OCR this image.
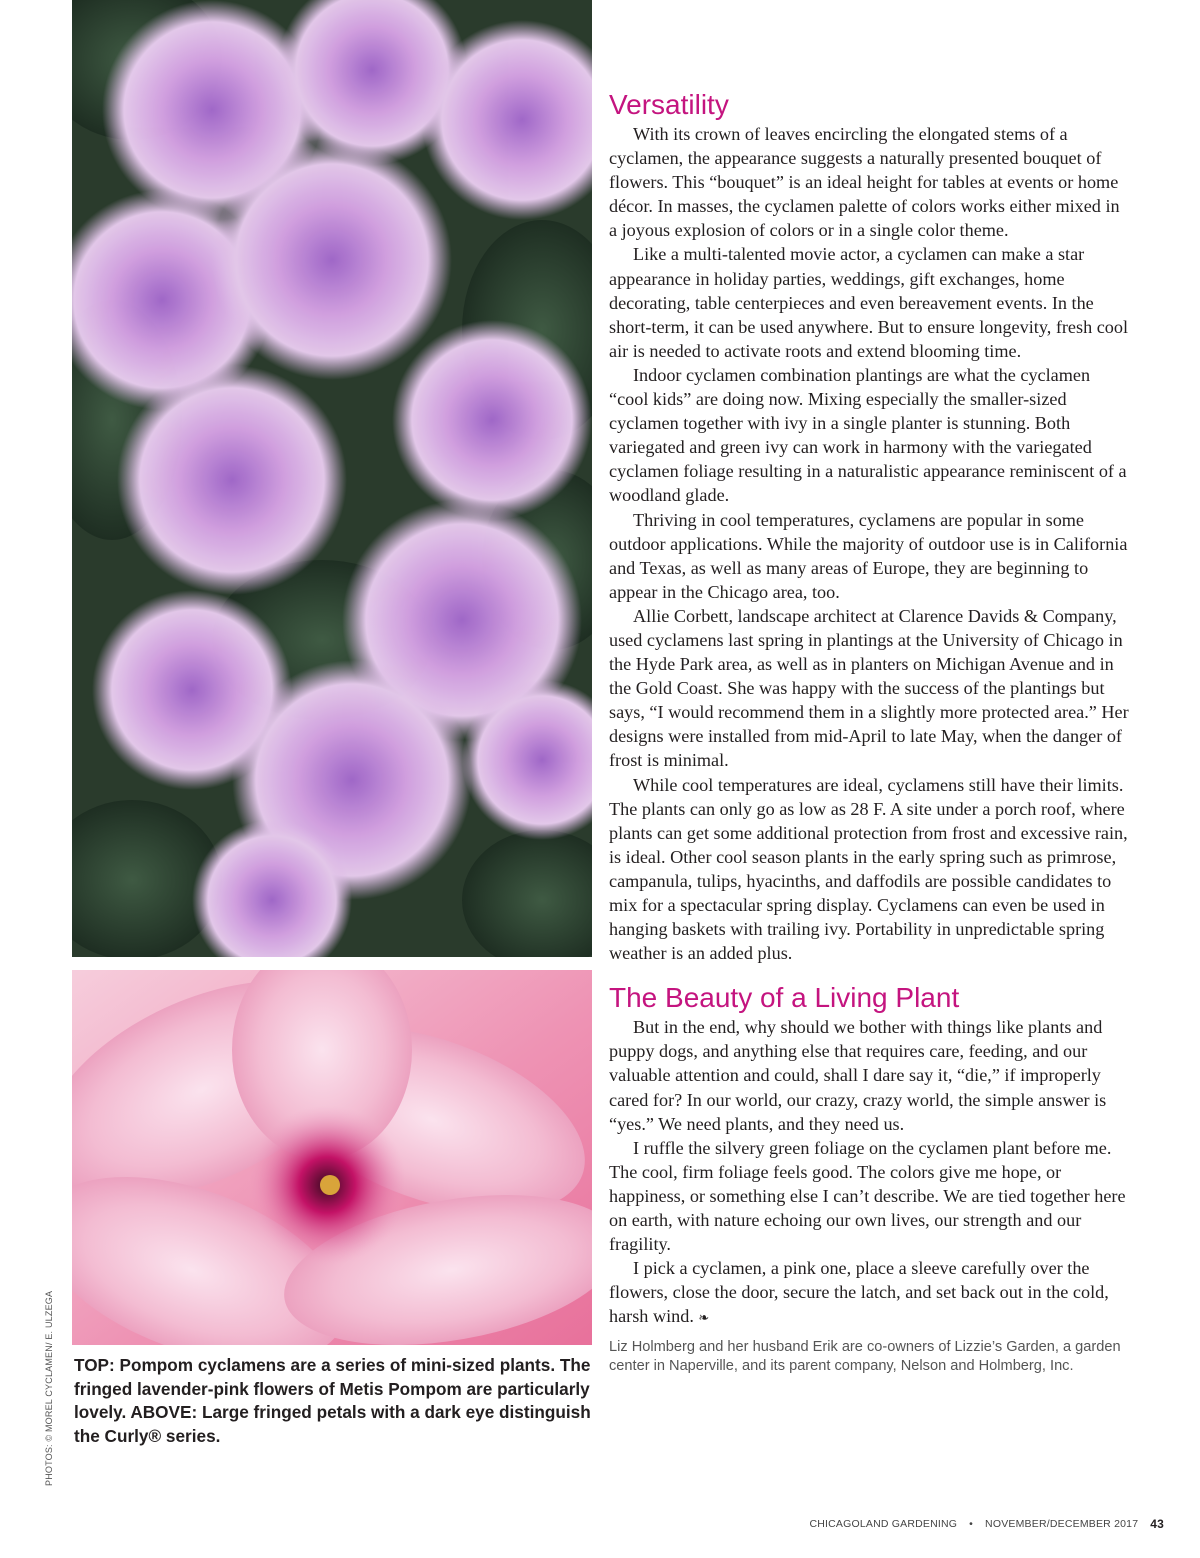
PHOTOS: © MOREL CYCLAMEN/ E. ULZEGA TOP: Pompom cyclamens are a series of mini-sized plants. The fringed lavender-pink flowers of Metis Pompom are particularly lovely. ABOVE: Large fringed petals with a dark eye distinguish the Curly® series.
Versatility

With its crown of leaves encircling the elongated stems of a cyclamen, the appearance suggests a naturally presented bouquet of flowers. This “bouquet” is an ideal height for tables at events or home décor. In masses, the cyclamen palette of colors works either mixed in a joyous explosion of colors or in a single color theme.

Like a multi-talented movie actor, a cyclamen can make a star appearance in holiday parties, weddings, gift exchanges, home decorating, table centerpieces and even bereavement events. In the short-term, it can be used anywhere. But to ensure longevity, fresh cool air is needed to activate roots and extend blooming time.

Indoor cyclamen combination plantings are what the cyclamen “cool kids” are doing now. Mixing especially the smaller-sized cyclamen together with ivy in a single planter is stunning. Both variegated and green ivy can work in harmony with the variegated cyclamen foliage resulting in a naturalistic appearance reminiscent of a woodland glade.

Thriving in cool temperatures, cyclamens are popular in some outdoor applications. While the majority of outdoor use is in California and Texas, as well as many areas of Europe, they are beginning to appear in the Chicago area, too.

Allie Corbett, landscape architect at Clarence Davids & Company, used cyclamens last spring in plantings at the University of Chicago in the Hyde Park area, as well as in planters on Michigan Avenue and in the Gold Coast. She was happy with the success of the plantings but says, “I would recommend them in a slightly more protected area.” Her designs were installed from mid-April to late May, when the danger of frost is minimal.

While cool temperatures are ideal, cyclamens still have their limits. The plants can only go as low as 28 F. A site under a porch roof, where plants can get some additional protection from frost and excessive rain, is ideal. Other cool season plants in the early spring such as primrose, campanula, tulips, hyacinths, and daffodils are possible candidates to mix for a spectacular spring display. Cyclamens can even be used in hanging baskets with trailing ivy. Portability in unpredictable spring weather is an added plus.

The Beauty of a Living Plant

But in the end, why should we bother with things like plants and puppy dogs, and anything else that requires care, feeding, and our valuable attention and could, shall I dare say it, “die,” if improperly cared for? In our world, our crazy, crazy world, the simple answer is “yes.” We need plants, and they need us.

I ruffle the silvery green foliage on the cyclamen plant before me. The cool, firm foliage feels good. The colors give me hope, or happiness, or something else I can’t describe. We are tied together here on earth, with nature echoing our own lives, our strength and our fragility.

I pick a cyclamen, a pink one, place a sleeve carefully over the flowers, close the door, secure the latch, and set back out in the cold, harsh wind. ❧

Liz Holmberg and her husband Erik are co-owners of Lizzie’s Garden, a garden center in Naperville, and its parent company, Nelson and Holmberg, Inc.
CHICAGOLAND GARDENING • NOVEMBER/DECEMBER 2017 43
